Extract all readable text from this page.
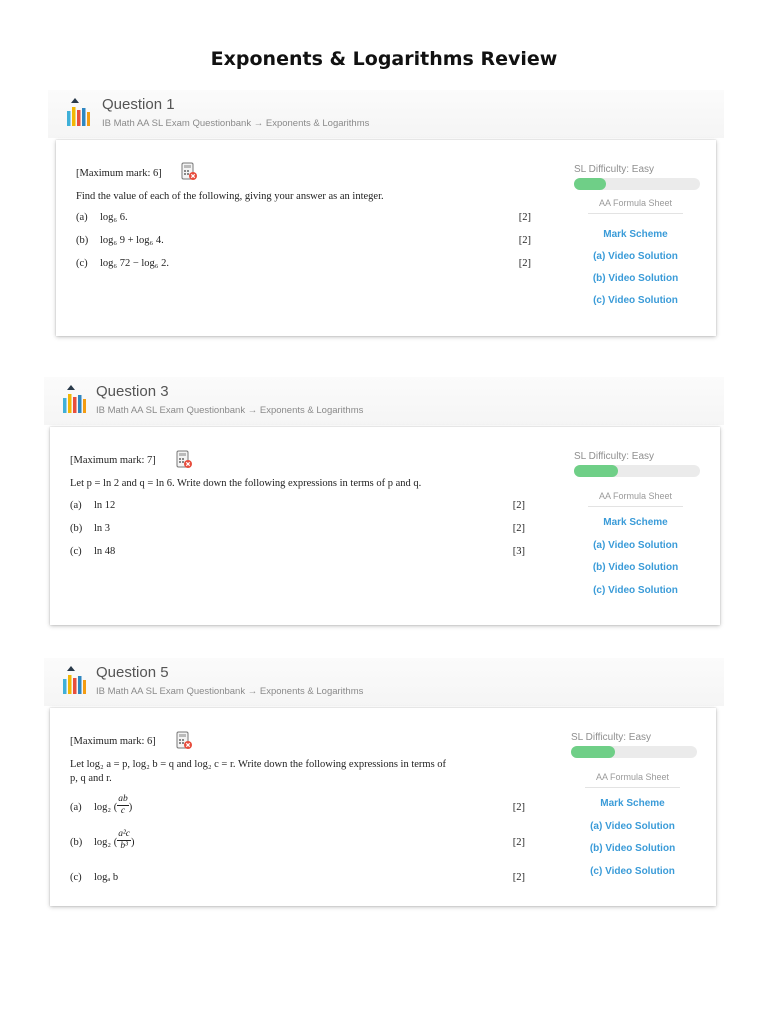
Exponents & Logarithms Review
Question 1
IB Math AA SL Exam Questionbank → Exponents & Logarithms
[Maximum mark: 6]
Find the value of each of the following, giving your answer as an integer.
(a) log₆ 6.	[2]
(b) log₆ 9 + log₆ 4.	[2]
(c) log₆ 72 − log₆ 2.	[2]
SL Difficulty: Easy
AA Formula Sheet
Mark Scheme
(a) Video Solution
(b) Video Solution
(c) Video Solution
Question 3
IB Math AA SL Exam Questionbank → Exponents & Logarithms
[Maximum mark: 7]
Let p = ln 2 and q = ln 6. Write down the following expressions in terms of p and q.
(a) ln 12	[2]
(b) ln 3	[2]
(c) ln 48	[3]
SL Difficulty: Easy
AA Formula Sheet
Mark Scheme
(a) Video Solution
(b) Video Solution
(c) Video Solution
Question 5
IB Math AA SL Exam Questionbank → Exponents & Logarithms
[Maximum mark: 6]
Let log₂ a = p, log₂ b = q and log₂ c = r. Write down the following expressions in terms of
p, q and r.
(a) log₂ ( $\frac{ab}{c}$ )	[2]
(b) log₂ ( $\frac{\text{a²c}}{\text{b³}}$ )	[2]
(c) logₐ b	[2]
SL Difficulty: Easy
AA Formula Sheet
Mark Scheme
(a) Video Solution
(b) Video Solution
(c) Video Solution
